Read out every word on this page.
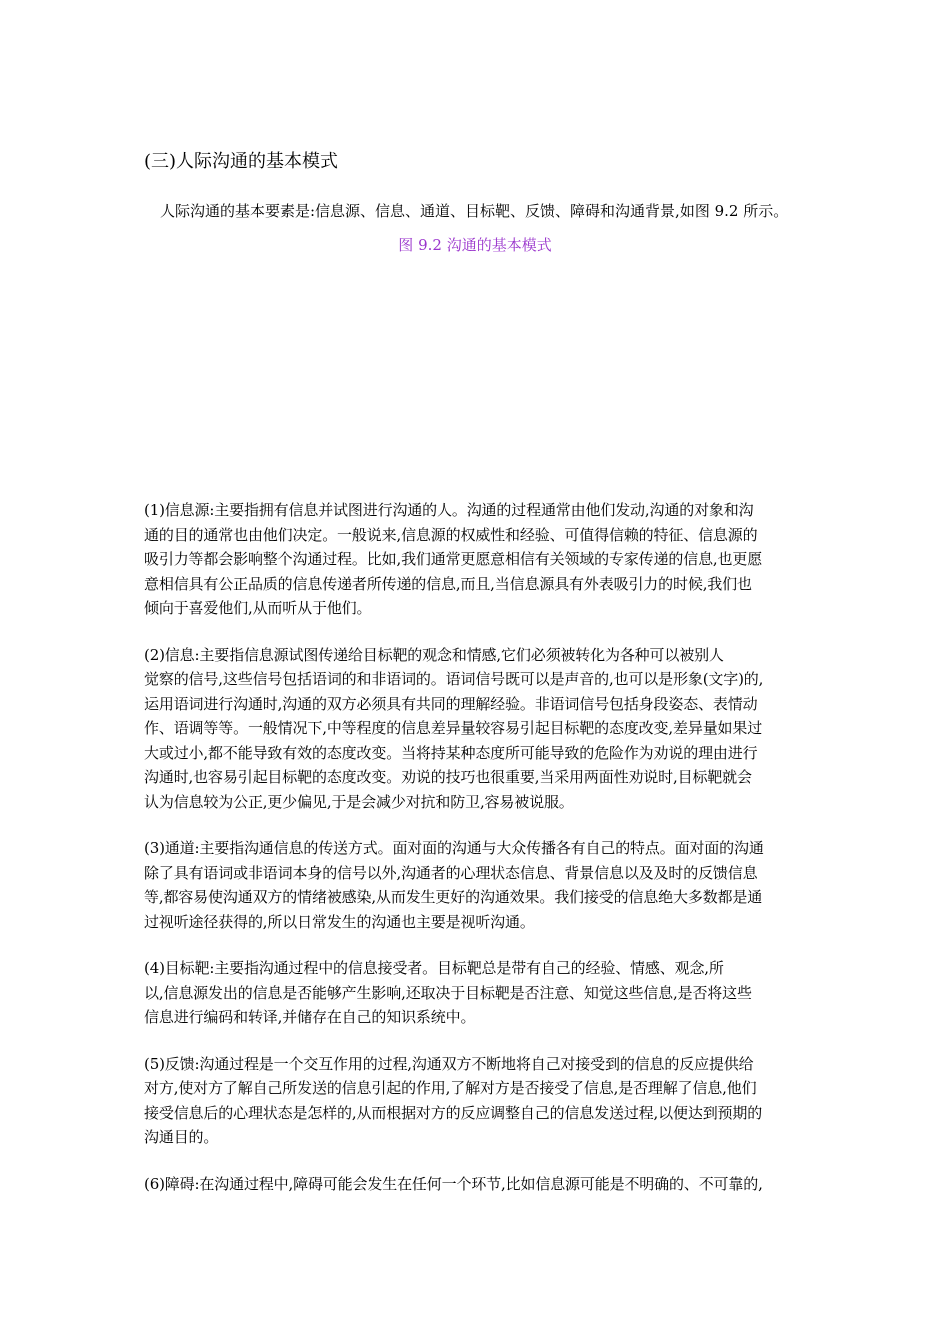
(三)人际沟通的基本模式
人际沟通的基本要素是:信息源、信息、通道、目标靶、反馈、障碍和沟通背景,如图 9.2 所示。
图 9.2 沟通的基本模式

(1)信息源:主要指拥有信息并试图进行沟通的人。沟通的过程通常由他们发动,沟通的对象和沟
通的目的通常也由他们决定。一般说来,信息源的权威性和经验、可值得信赖的特征、信息源的
吸引力等都会影响整个沟通过程。比如,我们通常更愿意相信有关领域的专家传递的信息,也更愿
意相信具有公正品质的信息传递者所传递的信息,而且,当信息源具有外表吸引力的时候,我们也
倾向于喜爱他们,从而听从于他们。

(2)信息:主要指信息源试图传递给目标靶的观念和情感,它们必须被转化为各种可以被别人
觉察的信号,这些信号包括语词的和非语词的。语词信号既可以是声音的,也可以是形象(文字)的,
运用语词进行沟通时,沟通的双方必须具有共同的理解经验。非语词信号包括身段姿态、表情动
作、语调等等。一般情况下,中等程度的信息差异量较容易引起目标靶的态度改变,差异量如果过
大或过小,都不能导致有效的态度改变。当将持某种态度所可能导致的危险作为劝说的理由进行
沟通时,也容易引起目标靶的态度改变。劝说的技巧也很重要,当采用两面性劝说时,目标靶就会
认为信息较为公正,更少偏见,于是会减少对抗和防卫,容易被说服。

(3)通道:主要指沟通信息的传送方式。面对面的沟通与大众传播各有自己的特点。面对面的沟通
除了具有语词或非语词本身的信号以外,沟通者的心理状态信息、背景信息以及及时的反馈信息
等,都容易使沟通双方的情绪被感染,从而发生更好的沟通效果。我们接受的信息绝大多数都是通
过视听途径获得的,所以日常发生的沟通也主要是视听沟通。

(4)目标靶:主要指沟通过程中的信息接受者。目标靶总是带有自己的经验、情感、观念,所
以,信息源发出的信息是否能够产生影响,还取决于目标靶是否注意、知觉这些信息,是否将这些
信息进行编码和转译,并储存在自己的知识系统中。

(5)反馈:沟通过程是一个交互作用的过程,沟通双方不断地将自己对接受到的信息的反应提供给
对方,使对方了解自己所发送的信息引起的作用,了解对方是否接受了信息,是否理解了信息,他们
接受信息后的心理状态是怎样的,从而根据对方的反应调整自己的信息发送过程,以便达到预期的
沟通目的。

(6)障碍:在沟通过程中,障碍可能会发生在任何一个环节,比如信息源可能是不明确的、不可靠的,
